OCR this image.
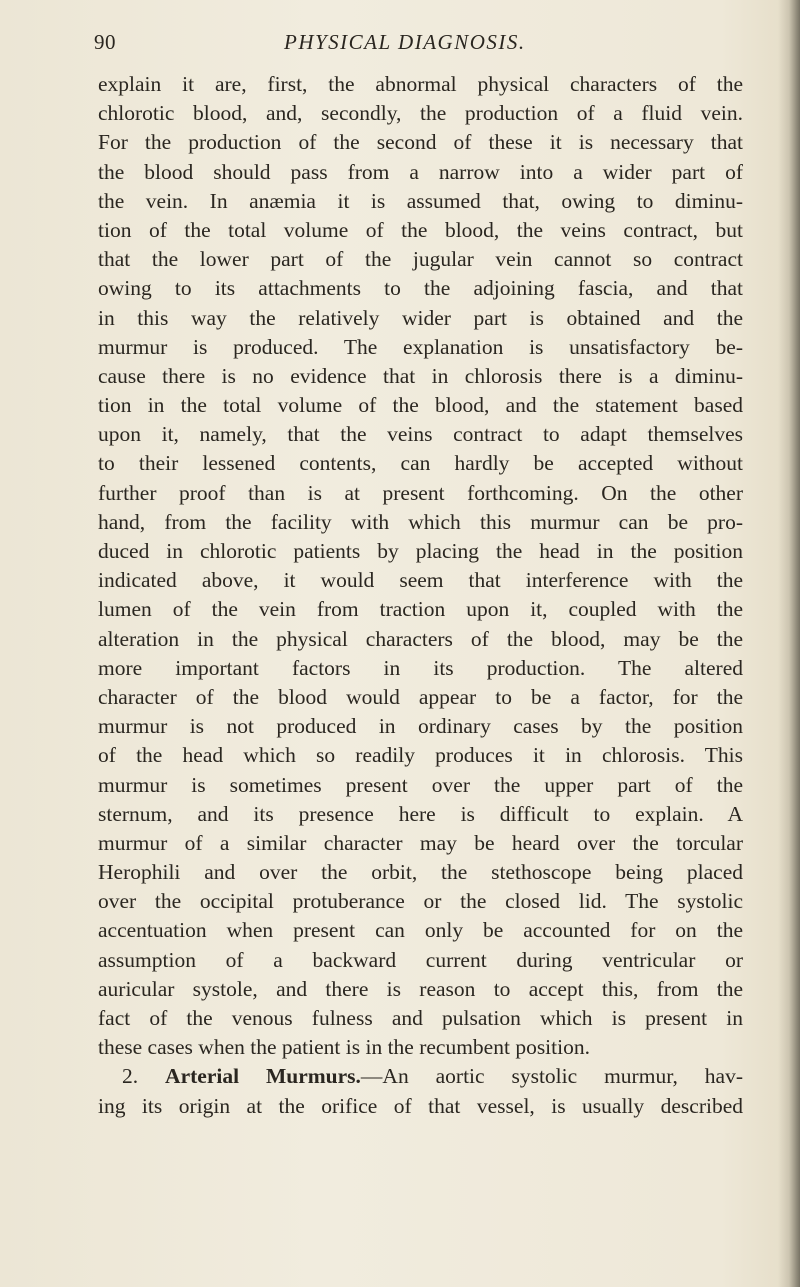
90	PHYSICAL DIAGNOSIS.
explain it are, first, the abnormal physical characters of the
chlorotic blood, and, secondly, the production of a fluid vein.
For the production of the second of these it is necessary that
the blood should pass from a narrow into a wider part of
the vein. In anæmia it is assumed that, owing to diminu-
tion of the total volume of the blood, the veins contract, but
that the lower part of the jugular vein cannot so contract
owing to its attachments to the adjoining fascia, and that
in this way the relatively wider part is obtained and the
murmur is produced. The explanation is unsatisfactory be-
cause there is no evidence that in chlorosis there is a diminu-
tion in the total volume of the blood, and the statement based
upon it, namely, that the veins contract to adapt themselves
to their lessened contents, can hardly be accepted without
further proof than is at present forthcoming. On the other
hand, from the facility with which this murmur can be pro-
duced in chlorotic patients by placing the head in the position
indicated above, it would seem that interference with the
lumen of the vein from traction upon it, coupled with the
alteration in the physical characters of the blood, may be the
more important factors in its production. The altered
character of the blood would appear to be a factor, for the
murmur is not produced in ordinary cases by the position
of the head which so readily produces it in chlorosis. This
murmur is sometimes present over the upper part of the
sternum, and its presence here is difficult to explain. A
murmur of a similar character may be heard over the torcular
Herophili and over the orbit, the stethoscope being placed
over the occipital protuberance or the closed lid. The systolic
accentuation when present can only be accounted for on the
assumption of a backward current during ventricular or
auricular systole, and there is reason to accept this, from the
fact of the venous fulness and pulsation which is present in
these cases when the patient is in the recumbent position.
2. Arterial Murmurs.—An aortic systolic murmur, hav-
ing its origin at the orifice of that vessel, is usually described
